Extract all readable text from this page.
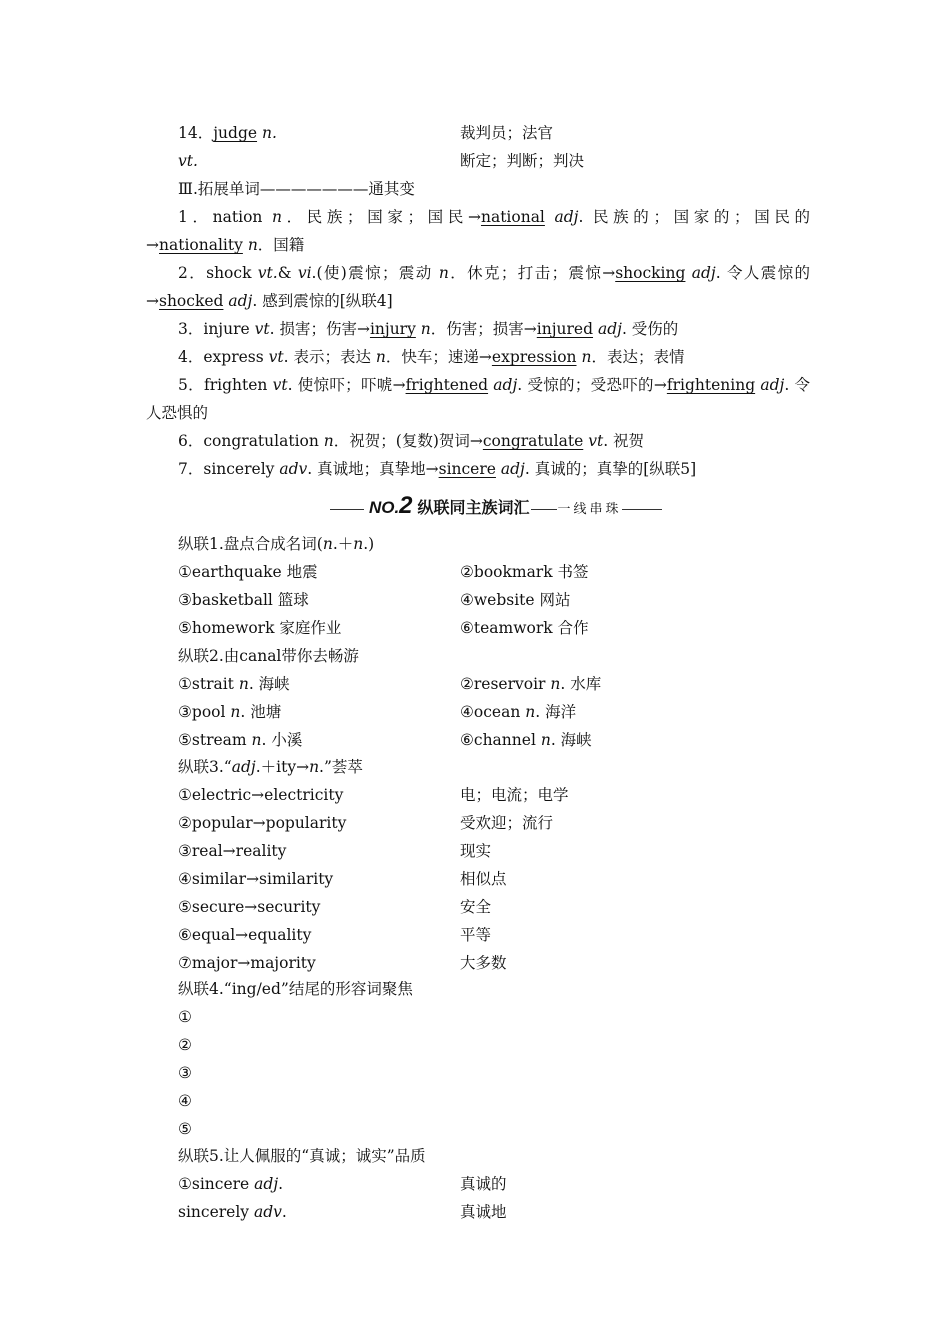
14．judge n.	裁判员；法官
vt.	断定；判断；判决
Ⅲ.拓展单词———————通其变
1．nation n．民族；国家；国民→national adj. 民族的；国家的；国民的→nationality n．国籍
2．shock vt.& vi.(使)震惊；震动 n．休克；打击；震惊→shocking adj. 令人震惊的→shocked adj. 感到震惊的[纵联4]
3．injure vt. 损害；伤害→injury n．伤害；损害→injured adj. 受伤的
4．express vt. 表示；表达 n．快车；速递→expression n．表达；表情
5．frighten vt. 使惊吓；吓唬→frightened adj. 受惊的；受恐吓的→frightening adj. 令人恐惧的
6．congratulation n．祝贺；(复数)贺词→congratulate vt. 祝贺
7．sincerely adv. 真诚地；真挚地→sincere adj. 真诚的；真挚的[纵联5]
NO.2 纵联同主族词汇 一线串珠
纵联1.盘点合成名词(n.＋n.)
①earthquake 地震	②bookmark 书签
③basketball 篮球	④website 网站
⑤homework 家庭作业	⑥teamwork 合作
纵联2.由canal带你去畅游
①strait n. 海峡	②reservoir n. 水库
③pool n. 池塘	④ocean n. 海洋
⑤stream n. 小溪	⑥channel n. 海峡
纵联3.“adj.＋ity→n.”荟萃
①electric→electricity	电；电流；电学
②popular→popularity	受欢迎；流行
③real→reality	现实
④similar→similarity	相似点
⑤secure→security	安全
⑥equal→equality	平等
⑦major→majority	大多数
纵联4.“ing/ed”结尾的形容词聚焦
①
②
③
④
⑤
纵联5.让人佩服的“真诚；诚实”品质
①sincere adj.	真诚的
sincerely adv.	真诚地
